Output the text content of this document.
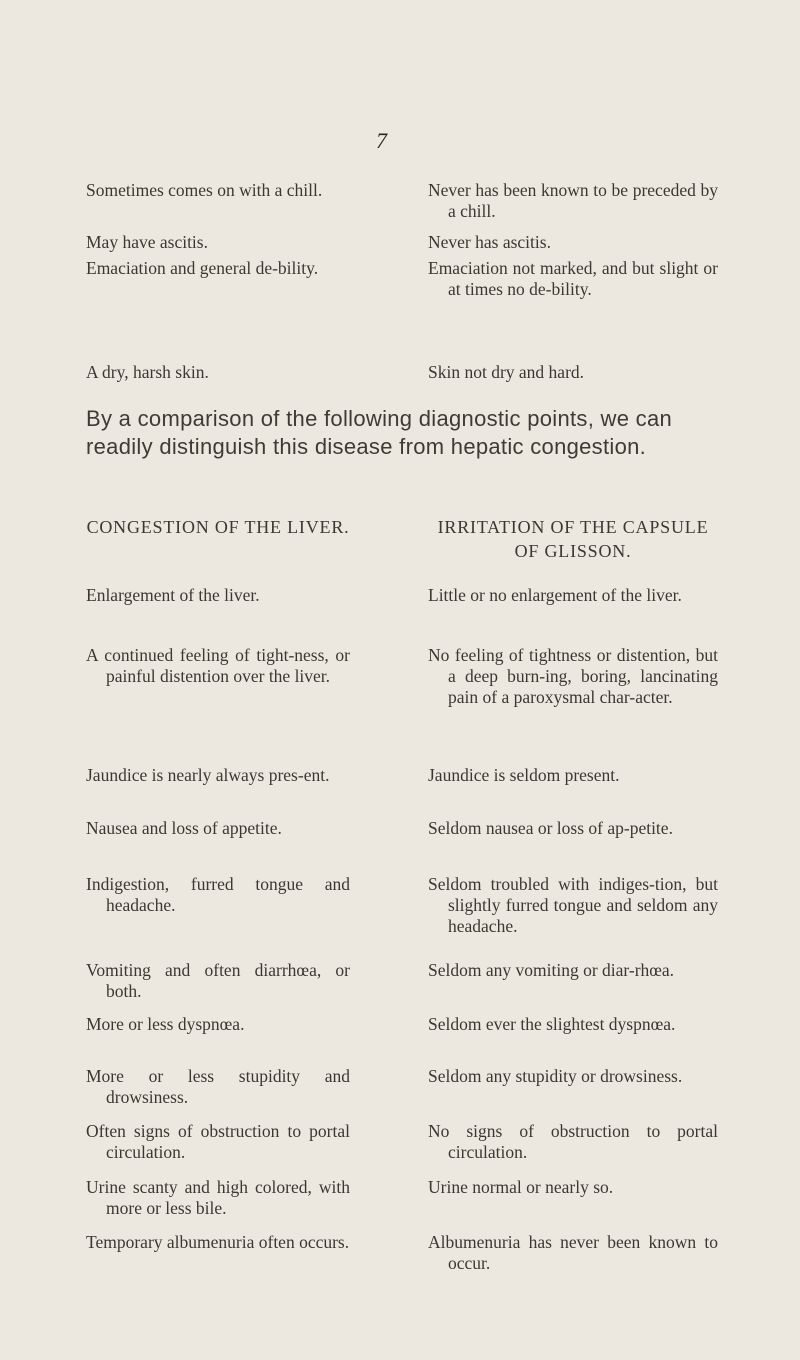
7

Sometimes comes on with a chill.

May have ascitis.

Emaciation and general de-bility.

A dry, harsh skin.

Never has been known to be preceded by a chill.

Never has ascitis.

Emaciation not marked, and but slight or at times no de-bility.

Skin not dry and hard.

By a comparison of the following diagnostic points, we can readily distinguish this disease from hepatic congestion.
CONGESTION OF THE LIVER.	IRRITATION OF THE CAPSULE OF GLISSON.

Enlargement of the liver.

A continued feeling of tight-ness, or painful distention over the liver.

Jaundice is nearly always pres-ent.

Nausea and loss of appetite.

Indigestion, furred tongue and headache.

Vomiting and often diarrhœa, or both.

More or less dyspnœa.

More or less stupidity and drowsiness.

Often signs of obstruction to portal circulation.

Urine scanty and high colored, with more or less bile.

Temporary albumenuria often occurs.

Little or no enlargement of the liver.

No feeling of tightness or distention, but a deep burn-ing, boring, lancinating pain of a paroxysmal char-acter.

Jaundice is seldom present.

Seldom nausea or loss of ap-petite.

Seldom troubled with indiges-tion, but slightly furred tongue and seldom any headache.

Seldom any vomiting or diar-rhœa.

Seldom ever the slightest dyspnœa.

Seldom any stupidity or drowsiness.

No signs of obstruction to portal circulation.

Urine normal or nearly so.

Albumenuria has never been known to occur.
